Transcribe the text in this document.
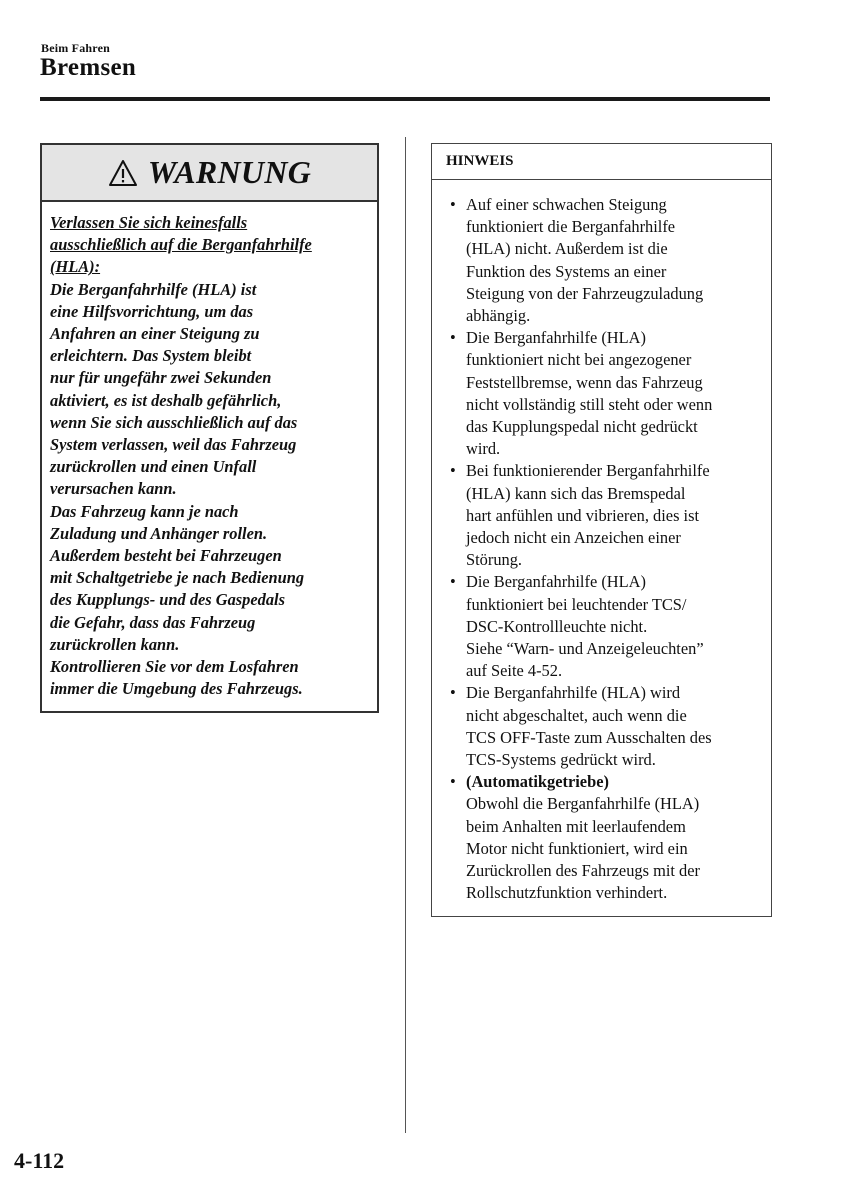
Beim Fahren
Bremsen
WARNUNG
Verlassen Sie sich keinesfalls
ausschließlich auf die Berganfahrhilfe
(HLA):
Die Berganfahrhilfe (HLA) ist
eine Hilfsvorrichtung, um das
Anfahren an einer Steigung zu
erleichtern. Das System bleibt
nur für ungefähr zwei Sekunden
aktiviert, es ist deshalb gefährlich,
wenn Sie sich ausschließlich auf das
System verlassen, weil das Fahrzeug
zurückrollen und einen Unfall
verursachen kann.
Das Fahrzeug kann je nach
Zuladung und Anhänger rollen.
Außerdem besteht bei Fahrzeugen
mit Schaltgetriebe je nach Bedienung
des Kupplungs- und des Gaspedals
die Gefahr, dass das Fahrzeug
zurückrollen kann.
Kontrollieren Sie vor dem Losfahren
immer die Umgebung des Fahrzeugs.
HINWEIS
• Auf einer schwachen Steigung
funktioniert die Berganfahrhilfe
(HLA) nicht. Außerdem ist die
Funktion des Systems an einer
Steigung von der Fahrzeugzuladung
abhängig.
• Die Berganfahrhilfe (HLA)
funktioniert nicht bei angezogener
Feststellbremse, wenn das Fahrzeug
nicht vollständig still steht oder wenn
das Kupplungspedal nicht gedrückt
wird.
• Bei funktionierender Berganfahrhilfe
(HLA) kann sich das Bremspedal
hart anfühlen und vibrieren, dies ist
jedoch nicht ein Anzeichen einer
Störung.
• Die Berganfahrhilfe (HLA)
funktioniert bei leuchtender TCS/
DSC-Kontrollleuchte nicht.
Siehe “Warn- und Anzeigeleuchten”
auf Seite 4-52.
• Die Berganfahrhilfe (HLA) wird
nicht abgeschaltet, auch wenn die
TCS OFF-Taste zum Ausschalten des
TCS-Systems gedrückt wird.
• (Automatikgetriebe)
Obwohl die Berganfahrhilfe (HLA)
beim Anhalten mit leerlaufendem
Motor nicht funktioniert, wird ein
Zurückrollen des Fahrzeugs mit der
Rollschutzfunktion verhindert.
4-112
